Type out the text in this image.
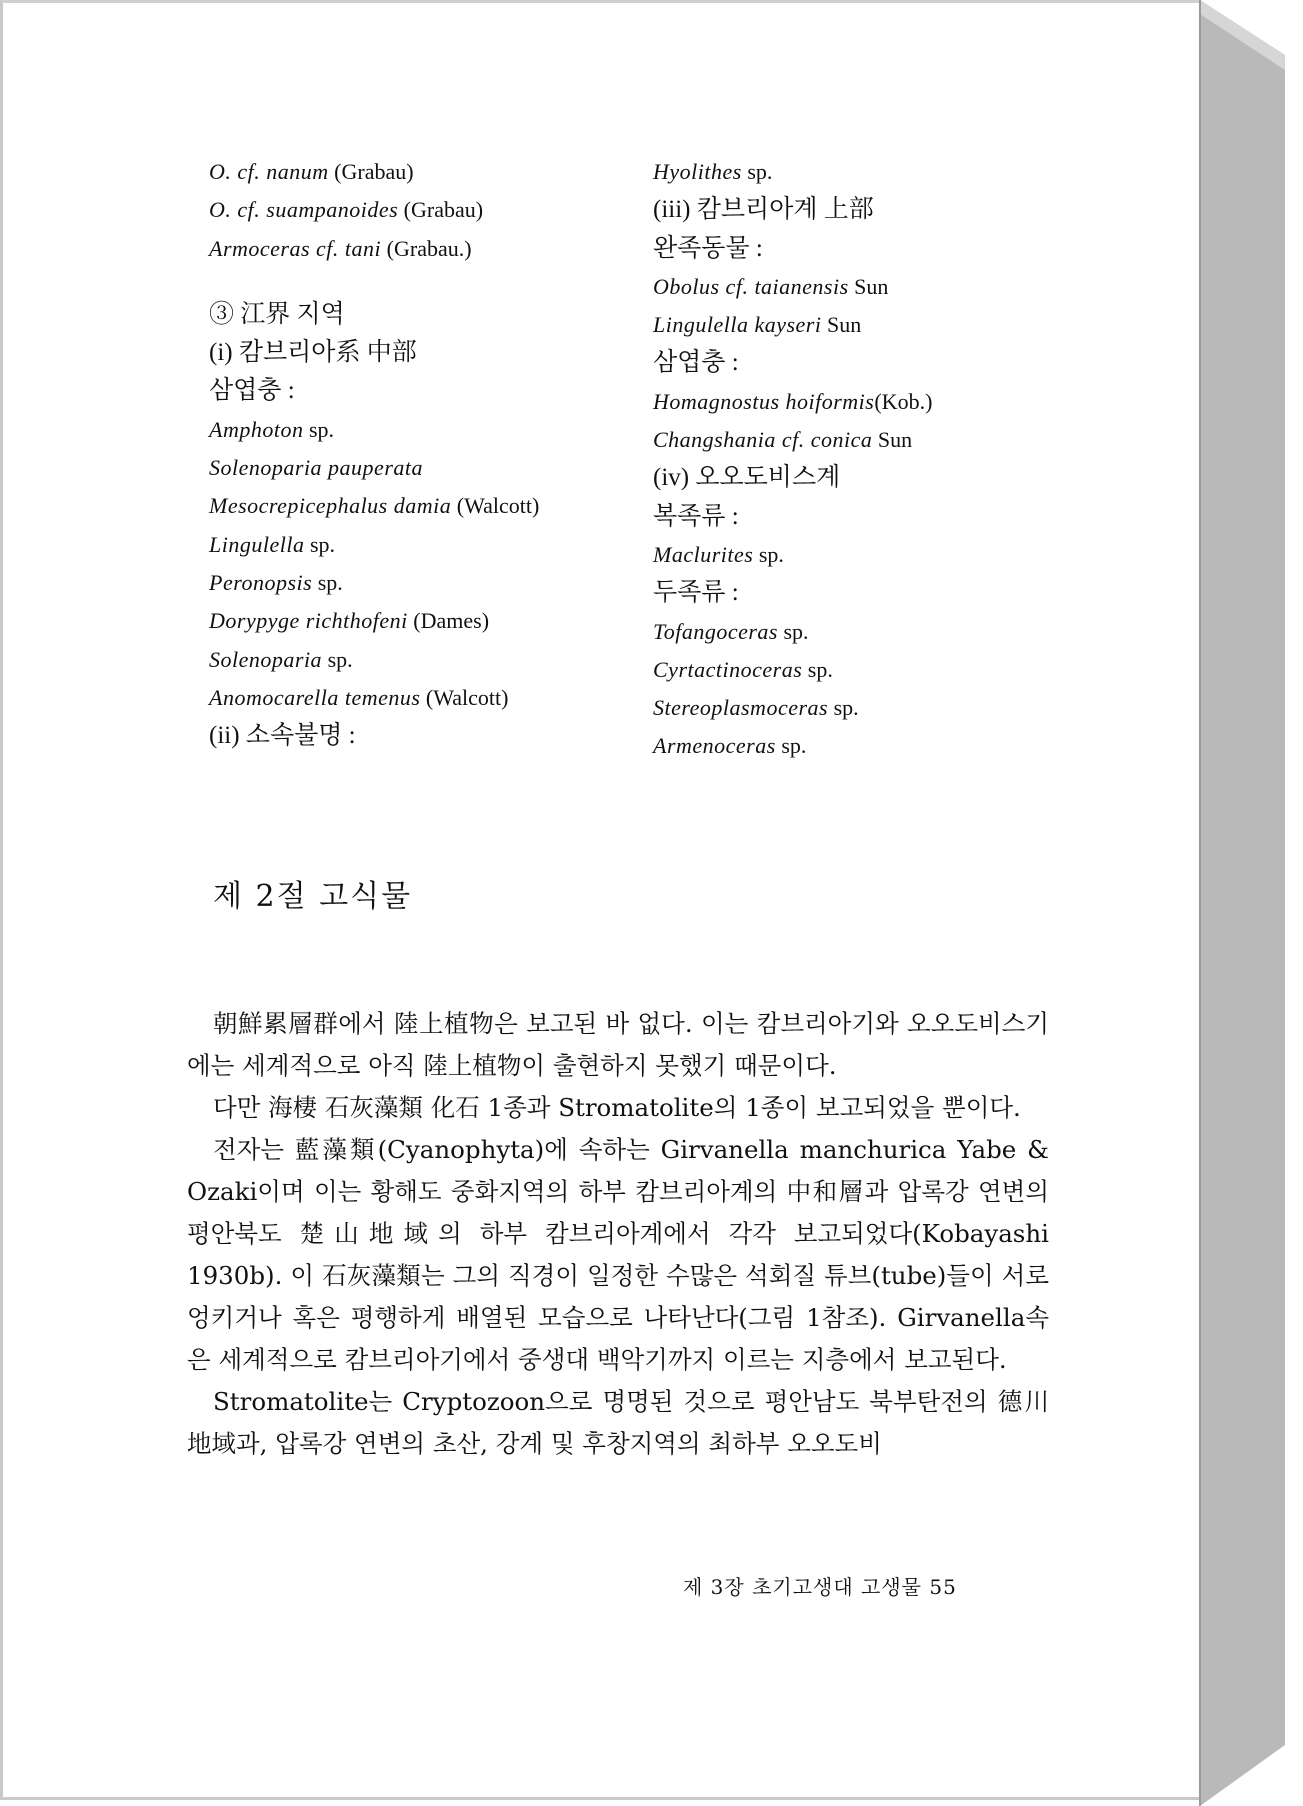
O. cf. nanum (Grabau)
O. cf. suampanoides (Grabau)
Armoceras cf. tani (Grabau.)
③ 江界 지역
(i) 캄브리아系 中部
삼엽충 :
Amphoton sp.
Solenoparia pauperata
Mesocrepicephalus damia (Walcott)
Lingulella sp.
Peronopsis sp.
Dorypyge richthofeni (Dames)
Solenoparia sp.
Anomocarella temenus (Walcott)
(ii) 소속불명 :
Hyolithes sp.
(iii) 캄브리아계 上部
완족동물 :
Obolus cf. taianensis Sun
Lingulella kayseri Sun
삼엽충 :
Homagnostus hoiformis(Kob.)
Changshania cf. conica Sun
(iv) 오오도비스계
복족류 :
Maclurites sp.
두족류 :
Tofangoceras sp.
Cyrtactinoceras sp.
Stereoplasmoceras sp.
Armenoceras sp.
제 2절 고식물

朝鮮累層群에서 陸上植物은 보고된 바 없다. 이는 캄브리아기와 오오도비스기에는 세계적으로 아직 陸上植物이 출현하지 못했기 때문이다.

다만 海棲 石灰藻類 化石 1종과 Stromatolite의 1종이 보고되었을 뿐이다.

전자는 藍藻類(Cyanophyta)에 속하는 Girvanella manchurica Yabe & Ozaki이며 이는 황해도 중화지역의 하부 캄브리아계의 中和層과 압록강 연변의 평안북도 楚山地域의 하부 캄브리아계에서 각각 보고되었다(Kobayashi 1930b). 이 石灰藻類는 그의 직경이 일정한 수많은 석회질 튜브(tube)들이 서로 엉키거나 혹은 평행하게 배열된 모습으로 나타난다(그림 1참조). Girvanella속은 세계적으로 캄브리아기에서 중생대 백악기까지 이르는 지층에서 보고된다.

Stromatolite는 Cryptozoon으로 명명된 것으로 평안남도 북부탄전의 德川地域과, 압록강 연변의 초산, 강계 및 후창지역의 최하부 오오도비

제 3장 초기고생대 고생물 55
